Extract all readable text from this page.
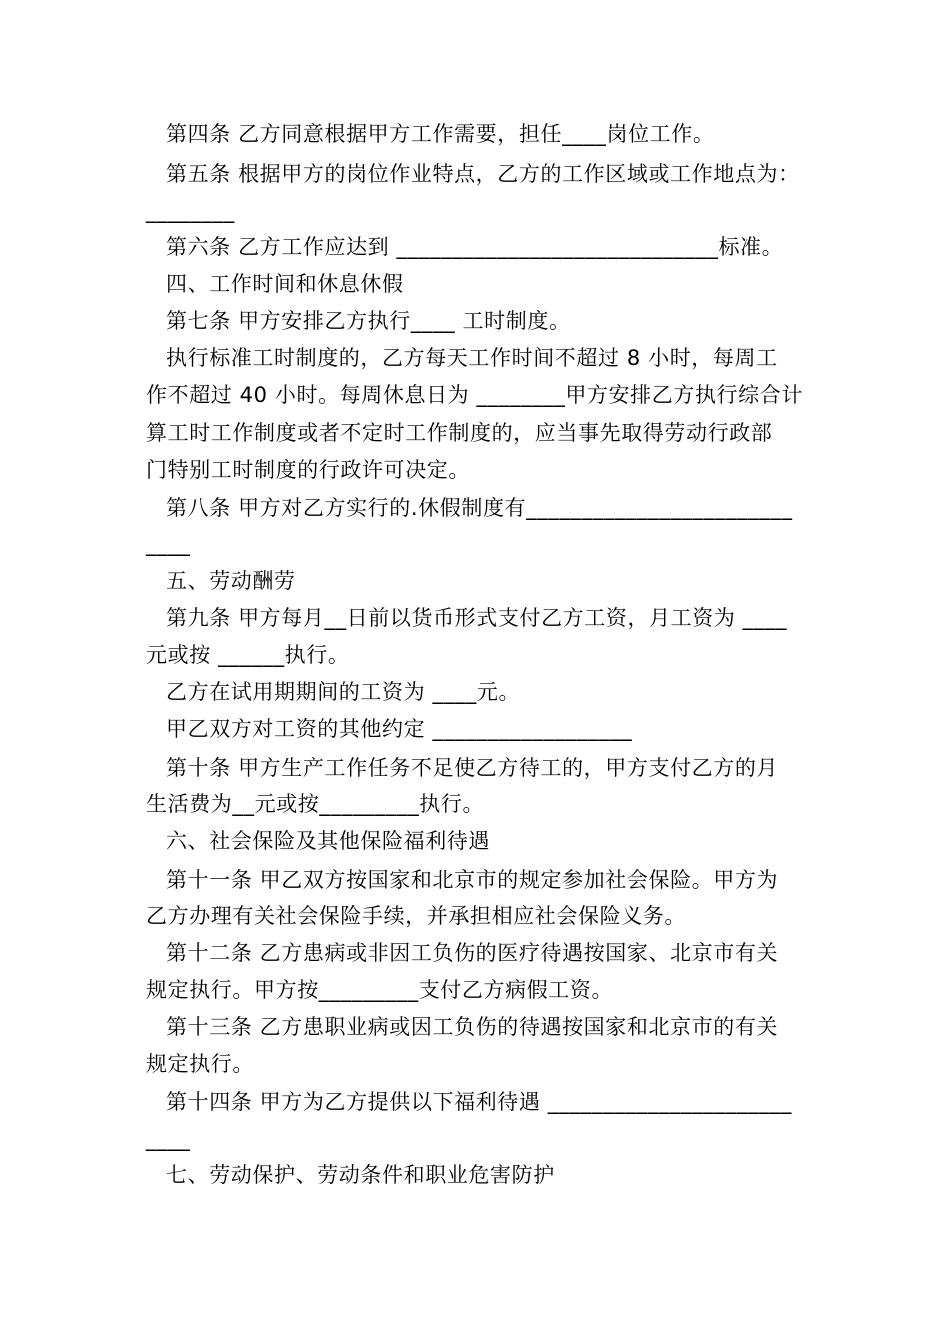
第四条 乙方同意根据甲方工作需要，担任____岗位工作。
第五条 根据甲方的岗位作业特点，乙方的工作区域或工作地点为：
________
第六条 乙方工作应达到 _____________________________标准。
四、工作时间和休息休假
第七条 甲方安排乙方执行____ 工时制度。
执行标准工时制度的，乙方每天工作时间不超过 8 小时，每周工
作不超过 40 小时。每周休息日为 ________甲方安排乙方执行综合计
算工时工作制度或者不定时工作制度的，应当事先取得劳动行政部
门特别工时制度的行政许可决定。
第八条 甲方对乙方实行的.休假制度有________________________
____
五、劳动酬劳
第九条 甲方每月__日前以货币形式支付乙方工资，月工资为 ____
元或按 ______执行。
乙方在试用期期间的工资为 ____元。
甲乙双方对工资的其他约定 __________________
第十条 甲方生产工作任务不足使乙方待工的，甲方支付乙方的月
生活费为__元或按_________执行。
六、社会保险及其他保险福利待遇
第十一条 甲乙双方按国家和北京市的规定参加社会保险。甲方为
乙方办理有关社会保险手续，并承担相应社会保险义务。
第十二条 乙方患病或非因工负伤的医疗待遇按国家、北京市有关
规定执行。甲方按_________支付乙方病假工资。
第十三条 乙方患职业病或因工负伤的待遇按国家和北京市的有关
规定执行。
第十四条 甲方为乙方提供以下福利待遇 ______________________
____
七、劳动保护、劳动条件和职业危害防护
